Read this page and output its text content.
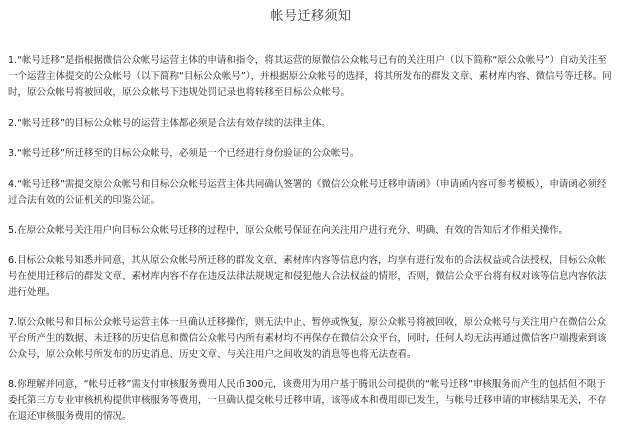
帐号迁移须知

1.“帐号迁移”是指根据微信公众帐号运营主体的申请和指令，将其运营的原微信公众帐号已有的关注用户（以下简称“原公众帐号”）自动关注至一个运营主体提交的公众帐号（以下简称“目标公众帐号”），并根据原公众帐号的选择，将其所发布的群发文章、素材库内容、微信号等迁移。同时，原公众帐号将被回收，原公众帐号下违规处罚记录也将转移至目标公众帐号。

2.“帐号迁移”的目标公众帐号的运营主体都必须是合法有效存续的法律主体。

3.“帐号迁移”所迁移至的目标公众帐号，必须是一个已经进行身份验证的公众帐号。

4.“帐号迁移”需提交原公众帐号和目标公众帐号运营主体共同确认签署的《微信公众帐号迁移申请函》（申请函内容可参考模板），申请函必须经过合法有效的公证机关的印鉴公证。

5.在原公众帐号关注用户向目标公众帐号迁移的过程中，原公众帐号保证在向关注用户进行充分、明确、有效的告知后才作相关操作。

6.目标公众帐号知悉并同意，其从原公众帐号所迁移的群发文章、素材库内容等信息内容，均享有进行发布的合法权益或合法授权，目标公众帐号在使用迁移后的群发文章、素材库内容不存在违反法律法规规定和侵犯他人合法权益的情形，否则，微信公众平台将有权对该等信息内容依法进行处理。

7.原公众帐号和目标公众帐号运营主体一旦确认迁移操作，则无法中止、暂停或恢复，原公众帐号将被回收，原公众帐号与关注用户在微信公众平台所产生的数据、未迁移的历史信息和微信公众帐号内所有素材均不再保存在微信公众平台，同时，任何人均无法再通过微信客户端搜索到该公众号，原公众帐号所发布的历史消息、历史文章、与关注用户之间收发的消息等也将无法查看。

8.你理解并同意，“帐号迁移”需支付审核服务费用人民币300元，该费用为用户基于腾讯公司提供的“帐号迁移”审核服务而产生的包括但不限于委托第三方专业审核机构提供审核服务等费用，一旦确认提交帐号迁移申请，该等成本和费用即已发生，与帐号迁移申请的审核结果无关，不存在退还审核服务费用的情况。
